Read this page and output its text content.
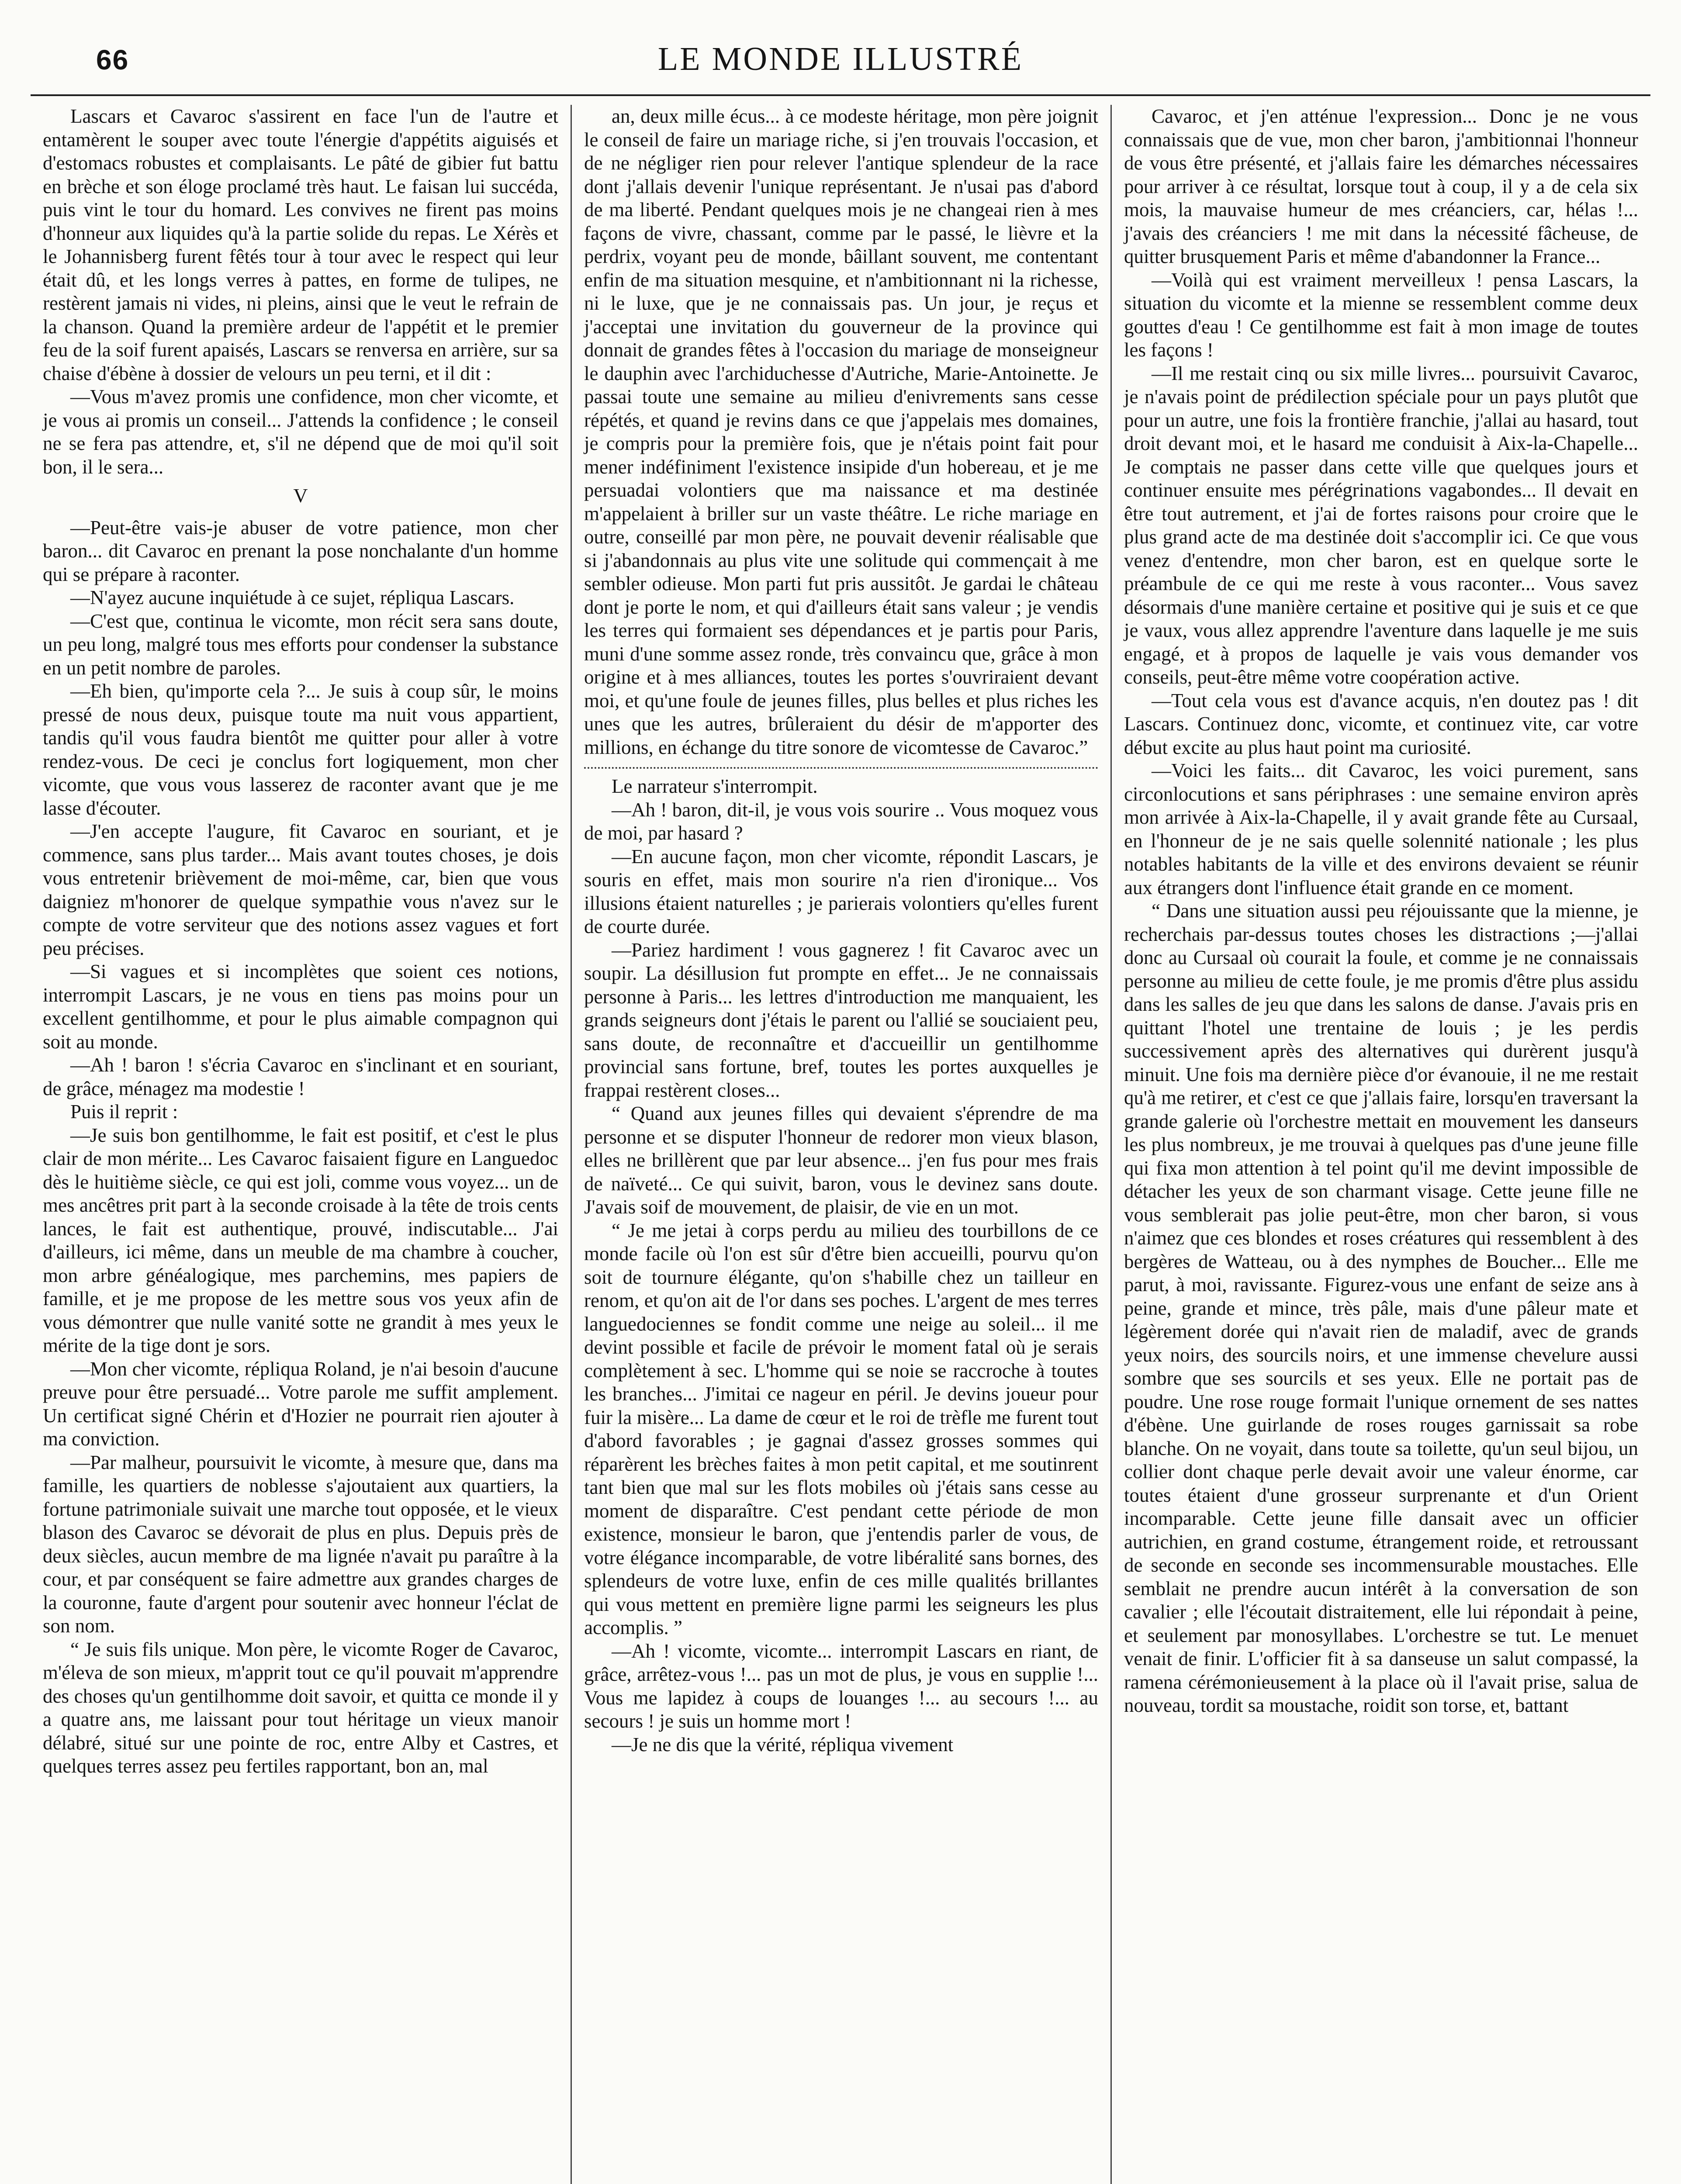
66	LE MONDE ILLUSTRÉ

Lascars et Cavaroc s'assirent en face l'un de l'autre et entamèrent le souper avec toute l'énergie d'appétits aiguisés et d'estomacs robustes et complaisants. Le pâté de gibier fut battu en brèche et son éloge proclamé très haut. Le faisan lui succéda, puis vint le tour du homard. Les convives ne firent pas moins d'honneur aux liquides qu'à la partie solide du repas. Le Xérès et le Johannisberg furent fêtés tour à tour avec le respect qui leur était dû, et les longs verres à pattes, en forme de tulipes, ne restèrent jamais ni vides, ni pleins, ainsi que le veut le refrain de la chanson. Quand la première ardeur de l'appétit et le premier feu de la soif furent apaisés, Lascars se renversa en arrière, sur sa chaise d'ébène à dossier de velours un peu terni, et il dit :

—Vous m'avez promis une confidence, mon cher vicomte, et je vous ai promis un conseil... J'attends la confidence ; le conseil ne se fera pas attendre, et, s'il ne dépend que de moi qu'il soit bon, il le sera...

V

—Peut-être vais-je abuser de votre patience, mon cher baron... dit Cavaroc en prenant la pose nonchalante d'un homme qui se prépare à raconter.

—N'ayez aucune inquiétude à ce sujet, répliqua Lascars.

—C'est que, continua le vicomte, mon récit sera sans doute, un peu long, malgré tous mes efforts pour condenser la substance en un petit nombre de paroles.

—Eh bien, qu'importe cela ?... Je suis à coup sûr, le moins pressé de nous deux, puisque toute ma nuit vous appartient, tandis qu'il vous faudra bientôt me quitter pour aller à votre rendez-vous. De ceci je conclus fort logiquement, mon cher vicomte, que vous vous lasserez de raconter avant que je me lasse d'écouter.

—J'en accepte l'augure, fit Cavaroc en souriant, et je commence, sans plus tarder... Mais avant toutes choses, je dois vous entretenir brièvement de moi-même, car, bien que vous daigniez m'honorer de quelque sympathie vous n'avez sur le compte de votre serviteur que des notions assez vagues et fort peu précises.

—Si vagues et si incomplètes que soient ces notions, interrompit Lascars, je ne vous en tiens pas moins pour un excellent gentilhomme, et pour le plus aimable compagnon qui soit au monde.

—Ah ! baron ! s'écria Cavaroc en s'inclinant et en souriant, de grâce, ménagez ma modestie !

Puis il reprit :

—Je suis bon gentilhomme, le fait est positif, et c'est le plus clair de mon mérite... Les Cavaroc faisaient figure en Languedoc dès le huitième siècle, ce qui est joli, comme vous voyez... un de mes ancêtres prit part à la seconde croisade à la tête de trois cents lances, le fait est authentique, prouvé, indiscutable... J'ai d'ailleurs, ici même, dans un meuble de ma chambre à coucher, mon arbre généalogique, mes parchemins, mes papiers de famille, et je me propose de les mettre sous vos yeux afin de vous démontrer que nulle vanité sotte ne grandit à mes yeux le mérite de la tige dont je sors.

—Mon cher vicomte, répliqua Roland, je n'ai besoin d'aucune preuve pour être persuadé... Votre parole me suffit amplement. Un certificat signé Chérin et d'Hozier ne pourrait rien ajouter à ma conviction.

—Par malheur, poursuivit le vicomte, à mesure que, dans ma famille, les quartiers de noblesse s'ajoutaient aux quartiers, la fortune patrimoniale suivait une marche tout opposée, et le vieux blason des Cavaroc se dévorait de plus en plus. Depuis près de deux siècles, aucun membre de ma lignée n'avait pu paraître à la cour, et par conséquent se faire admettre aux grandes charges de la couronne, faute d'argent pour soutenir avec honneur l'éclat de son nom.

“ Je suis fils unique. Mon père, le vicomte Roger de Cavaroc, m'éleva de son mieux, m'apprit tout ce qu'il pouvait m'apprendre des choses qu'un gentilhomme doit savoir, et quitta ce monde il y a quatre ans, me laissant pour tout héritage un vieux manoir délabré, situé sur une pointe de roc, entre Alby et Castres, et quelques terres assez peu fertiles rapportant, bon an, mal

an, deux mille écus... à ce modeste héritage, mon père joignit le conseil de faire un mariage riche, si j'en trouvais l'occasion, et de ne négliger rien pour relever l'antique splendeur de la race dont j'allais devenir l'unique représentant. Je n'usai pas d'abord de ma liberté. Pendant quelques mois je ne changeai rien à mes façons de vivre, chassant, comme par le passé, le lièvre et la perdrix, voyant peu de monde, bâillant souvent, me contentant enfin de ma situation mesquine, et n'ambitionnant ni la richesse, ni le luxe, que je ne connaissais pas. Un jour, je reçus et j'acceptai une invitation du gouverneur de la province qui donnait de grandes fêtes à l'occasion du mariage de monseigneur le dauphin avec l'archiduchesse d'Autriche, Marie-Antoinette. Je passai toute une semaine au milieu d'enivrements sans cesse répétés, et quand je revins dans ce que j'appelais mes domaines, je compris pour la première fois, que je n'étais point fait pour mener indéfiniment l'existence insipide d'un hobereau, et je me persuadai volontiers que ma naissance et ma destinée m'appelaient à briller sur un vaste théâtre. Le riche mariage en outre, conseillé par mon père, ne pouvait devenir réalisable que si j'abandonnais au plus vite une solitude qui commençait à me sembler odieuse. Mon parti fut pris aussitôt. Je gardai le château dont je porte le nom, et qui d'ailleurs était sans valeur ; je vendis les terres qui formaient ses dépendances et je partis pour Paris, muni d'une somme assez ronde, très convaincu que, grâce à mon origine et à mes alliances, toutes les portes s'ouvriraient devant moi, et qu'une foule de jeunes filles, plus belles et plus riches les unes que les autres, brûleraient du désir de m'apporter des millions, en échange du titre sonore de vicomtesse de Cavaroc.”

Le narrateur s'interrompit.

—Ah ! baron, dit-il, je vous vois sourire .. Vous moquez vous de moi, par hasard ?

—En aucune façon, mon cher vicomte, répondit Lascars, je souris en effet, mais mon sourire n'a rien d'ironique... Vos illusions étaient naturelles ; je parierais volontiers qu'elles furent de courte durée.

—Pariez hardiment ! vous gagnerez ! fit Cavaroc avec un soupir. La désillusion fut prompte en effet... Je ne connaissais personne à Paris... les lettres d'introduction me manquaient, les grands seigneurs dont j'étais le parent ou l'allié se souciaient peu, sans doute, de reconnaître et d'accueillir un gentilhomme provincial sans fortune, bref, toutes les portes auxquelles je frappai restèrent closes...

“ Quand aux jeunes filles qui devaient s'éprendre de ma personne et se disputer l'honneur de redorer mon vieux blason, elles ne brillèrent que par leur absence... j'en fus pour mes frais de naïveté... Ce qui suivit, baron, vous le devinez sans doute. J'avais soif de mouvement, de plaisir, de vie en un mot.

“ Je me jetai à corps perdu au milieu des tourbillons de ce monde facile où l'on est sûr d'être bien accueilli, pourvu qu'on soit de tournure élégante, qu'on s'habille chez un tailleur en renom, et qu'on ait de l'or dans ses poches. L'argent de mes terres languedociennes se fondit comme une neige au soleil... il me devint possible et facile de prévoir le moment fatal où je serais complètement à sec. L'homme qui se noie se raccroche à toutes les branches... J'imitai ce nageur en péril. Je devins joueur pour fuir la misère... La dame de cœur et le roi de trèfle me furent tout d'abord favorables ; je gagnai d'assez grosses sommes qui réparèrent les brèches faites à mon petit capital, et me soutinrent tant bien que mal sur les flots mobiles où j'étais sans cesse au moment de disparaître. C'est pendant cette période de mon existence, monsieur le baron, que j'entendis parler de vous, de votre élégance incomparable, de votre libéralité sans bornes, des splendeurs de votre luxe, enfin de ces mille qualités brillantes qui vous mettent en première ligne parmi les seigneurs les plus accomplis. ”

—Ah ! vicomte, vicomte... interrompit Lascars en riant, de grâce, arrêtez-vous !... pas un mot de plus, je vous en supplie !... Vous me lapidez à coups de louanges !... au secours !... au secours ! je suis un homme mort !

—Je ne dis que la vérité, répliqua vivement

Cavaroc, et j'en atténue l'expression... Donc je ne vous connaissais que de vue, mon cher baron, j'ambitionnai l'honneur de vous être présenté, et j'allais faire les démarches nécessaires pour arriver à ce résultat, lorsque tout à coup, il y a de cela six mois, la mauvaise humeur de mes créanciers, car, hélas !... j'avais des créanciers ! me mit dans la nécessité fâcheuse, de quitter brusquement Paris et même d'abandonner la France...

—Voilà qui est vraiment merveilleux ! pensa Lascars, la situation du vicomte et la mienne se ressemblent comme deux gouttes d'eau ! Ce gentilhomme est fait à mon image de toutes les façons !

—Il me restait cinq ou six mille livres... poursuivit Cavaroc, je n'avais point de prédilection spéciale pour un pays plutôt que pour un autre, une fois la frontière franchie, j'allai au hasard, tout droit devant moi, et le hasard me conduisit à Aix-la-Chapelle... Je comptais ne passer dans cette ville que quelques jours et continuer ensuite mes pérégrinations vagabondes... Il devait en être tout autrement, et j'ai de fortes raisons pour croire que le plus grand acte de ma destinée doit s'accomplir ici. Ce que vous venez d'entendre, mon cher baron, est en quelque sorte le préambule de ce qui me reste à vous raconter... Vous savez désormais d'une manière certaine et positive qui je suis et ce que je vaux, vous allez apprendre l'aventure dans laquelle je me suis engagé, et à propos de laquelle je vais vous demander vos conseils, peut-être même votre coopération active.

—Tout cela vous est d'avance acquis, n'en doutez pas ! dit Lascars. Continuez donc, vicomte, et continuez vite, car votre début excite au plus haut point ma curiosité.

—Voici les faits... dit Cavaroc, les voici purement, sans circonlocutions et sans périphrases : une semaine environ après mon arrivée à Aix-la-Chapelle, il y avait grande fête au Cursaal, en l'honneur de je ne sais quelle solennité nationale ; les plus notables habitants de la ville et des environs devaient se réunir aux étrangers dont l'influence était grande en ce moment.

“ Dans une situation aussi peu réjouissante que la mienne, je recherchais par-dessus toutes choses les distractions ;—j'allai donc au Cursaal où courait la foule, et comme je ne connaissais personne au milieu de cette foule, je me promis d'être plus assidu dans les salles de jeu que dans les salons de danse. J'avais pris en quittant l'hotel une trentaine de louis ; je les perdis successivement après des alternatives qui durèrent jusqu'à minuit. Une fois ma dernière pièce d'or évanouie, il ne me restait qu'à me retirer, et c'est ce que j'allais faire, lorsqu'en traversant la grande galerie où l'orchestre mettait en mouvement les danseurs les plus nombreux, je me trouvai à quelques pas d'une jeune fille qui fixa mon attention à tel point qu'il me devint impossible de détacher les yeux de son charmant visage. Cette jeune fille ne vous semblerait pas jolie peut-être, mon cher baron, si vous n'aimez que ces blondes et roses créatures qui ressemblent à des bergères de Watteau, ou à des nymphes de Boucher... Elle me parut, à moi, ravissante. Figurez-vous une enfant de seize ans à peine, grande et mince, très pâle, mais d'une pâleur mate et légèrement dorée qui n'avait rien de maladif, avec de grands yeux noirs, des sourcils noirs, et une immense chevelure aussi sombre que ses sourcils et ses yeux. Elle ne portait pas de poudre. Une rose rouge formait l'unique ornement de ses nattes d'ébène. Une guirlande de roses rouges garnissait sa robe blanche. On ne voyait, dans toute sa toilette, qu'un seul bijou, un collier dont chaque perle devait avoir une valeur énorme, car toutes étaient d'une grosseur surprenante et d'un Orient incomparable. Cette jeune fille dansait avec un officier autrichien, en grand costume, étrangement roide, et retroussant de seconde en seconde ses incommensurable moustaches. Elle semblait ne prendre aucun intérêt à la conversation de son cavalier ; elle l'écoutait distraitement, elle lui répondait à peine, et seulement par monosyllabes. L'orchestre se tut. Le menuet venait de finir. L'officier fit à sa danseuse un salut compassé, la ramena cérémonieusement à la place où il l'avait prise, salua de nouveau, tordit sa moustache, roidit son torse, et, battant
